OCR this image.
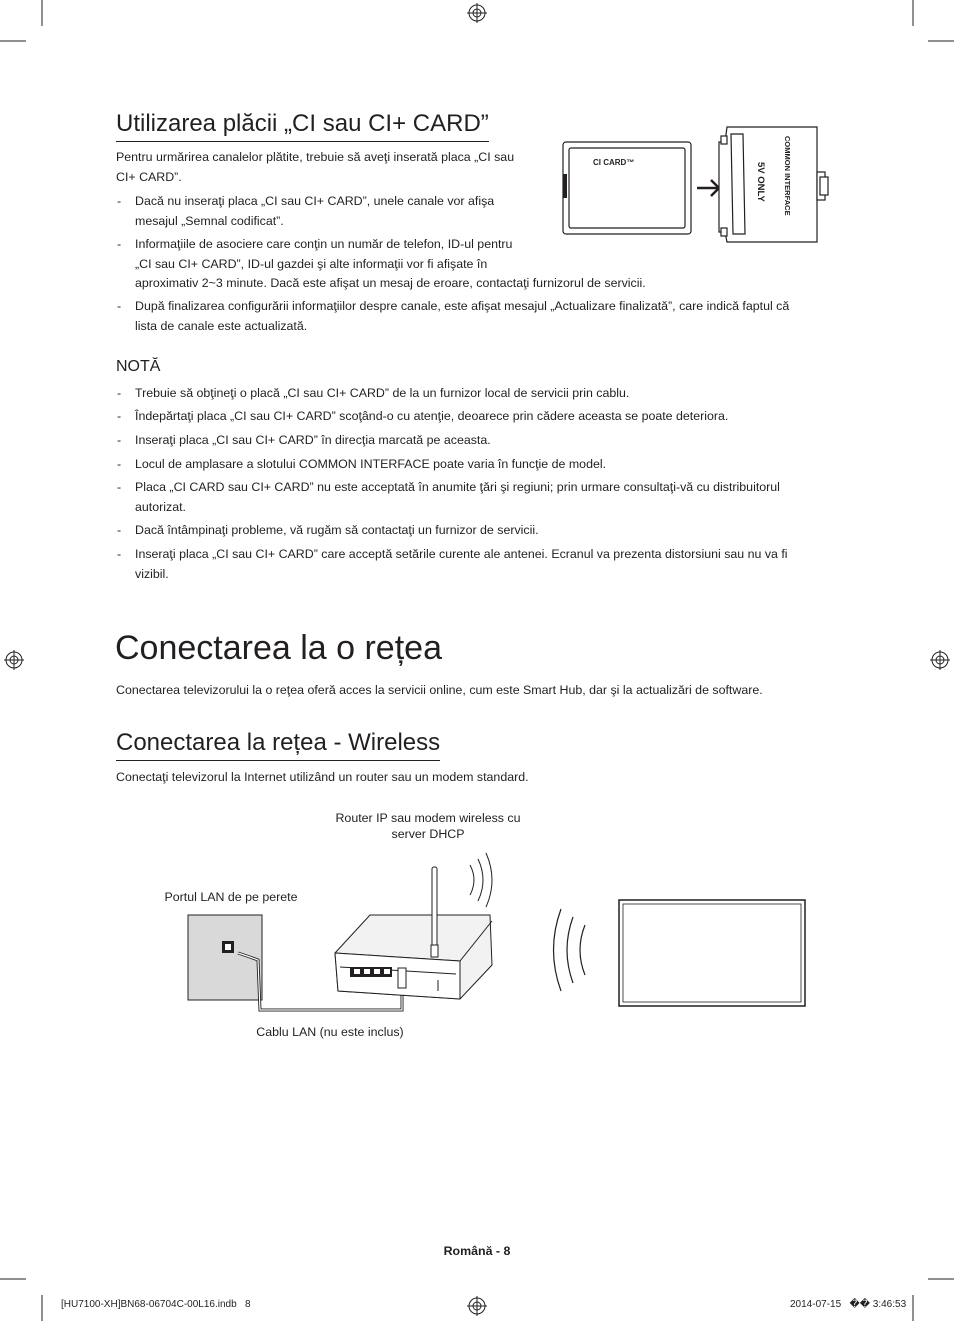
Utilizarea plăcii „CI sau CI+ CARD”
Pentru urmărirea canalelor plătite, trebuie să aveţi inserată placa „CI sau
CI+ CARD”.
- Dacă nu inseraţi placa „CI sau CI+ CARD”, unele canale vor afişa
mesajul „Semnal codificat”.
- Informaţiile de asociere care conţin un număr de telefon, ID-ul pentru
„CI sau CI+ CARD”, ID-ul gazdei şi alte informaţii vor fi afişate în
aproximativ 2~3 minute. Dacă este afişat un mesaj de eroare, contactaţi furnizorul de servicii.
- După finalizarea configurării informaţiilor despre canale, este afişat mesajul „Actualizare finalizată”, care indică faptul că
lista de canale este actualizată.
CI CARD™	COMMON INTERFACE
5V ONLY
NOTĂ
- Trebuie să obţineţi o placă „CI sau CI+ CARD” de la un furnizor local de servicii prin cablu.
- Îndepărtaţi placa „CI sau CI+ CARD” scoţând-o cu atenţie, deoarece prin cădere aceasta se poate deteriora.
- Inseraţi placa „CI sau CI+ CARD” în direcţia marcată pe aceasta.
- Locul de amplasare a slotului COMMON INTERFACE poate varia în funcţie de model.
- Placa „CI CARD sau CI+ CARD” nu este acceptată în anumite ţări şi regiuni; prin urmare consultaţi-vă cu distribuitorul
autorizat.
- Dacă întâmpinaţi probleme, vă rugăm să contactaţi un furnizor de servicii.
- Inseraţi placa „CI sau CI+ CARD” care acceptă setările curente ale antenei. Ecranul va prezenta distorsiuni sau nu va fi
vizibil.
Conectarea la o rețea
Conectarea televizorului la o reţea oferă acces la servicii online, cum este Smart Hub, dar şi la actualizări de software.
Conectarea la rețea - Wireless
Conectaţi televizorul la Internet utilizând un router sau un modem standard.
Router IP sau modem wireless cu
server DHCP
Portul LAN de pe perete
Cablu LAN (nu este inclus)
Română - 8
[HU7100-XH]BN68-06704C-00L16.indb   8	2014-07-15   �� 3:46:53
